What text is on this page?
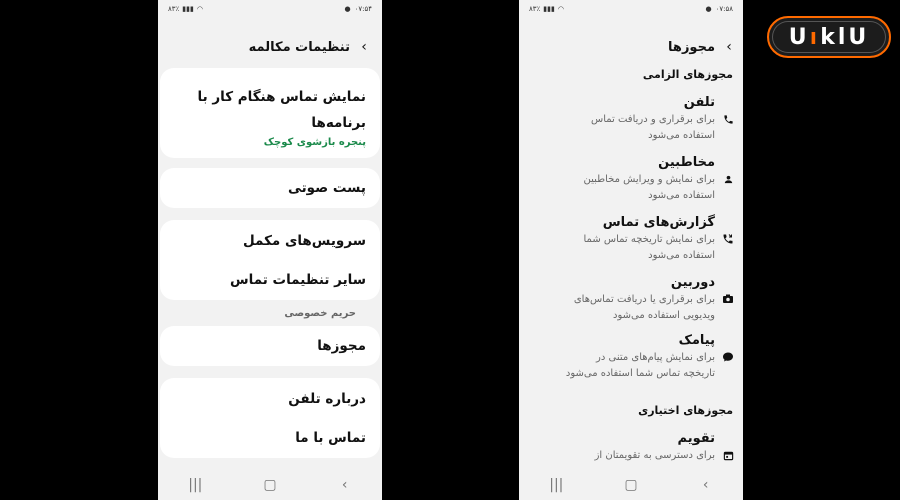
۸۳٪ ▮▮▮ ◠	● ۰۷:۵۴
›
تنظیمات مکالمه
نمایش تماس هنگام کار با برنامه‌ها
پنجره بازشوی کوچک
پست صوتی
سرویس‌های مکمل
سایر تنظیمات تماس
حریم خصوصی
مجوزها
درباره تلفن
تماس با ما
|||	▢	‹
۸۳٪ ▮▮▮ ◠	● ۰۷:۵۸
›
مجوزها
مجوزهای الزامی
تلفن
برای برقراری و دریافت تماس
استفاده می‌شود
مخاطبین
برای نمایش و ویرایش مخاطبین
استفاده می‌شود
گزارش‌های تماس
برای نمایش تاریخچه تماس شما
استفاده می‌شود
دوربین
برای برقراری یا دریافت تماس‌های
ویدیویی استفاده می‌شود
پیامک
برای نمایش پیام‌های متنی در
تاریخچه تماس شما استفاده می‌شود
مجوزهای اختیاری
تقویم
برای دسترسی به تقویمتان از
|||	▢	‹
UוklU
